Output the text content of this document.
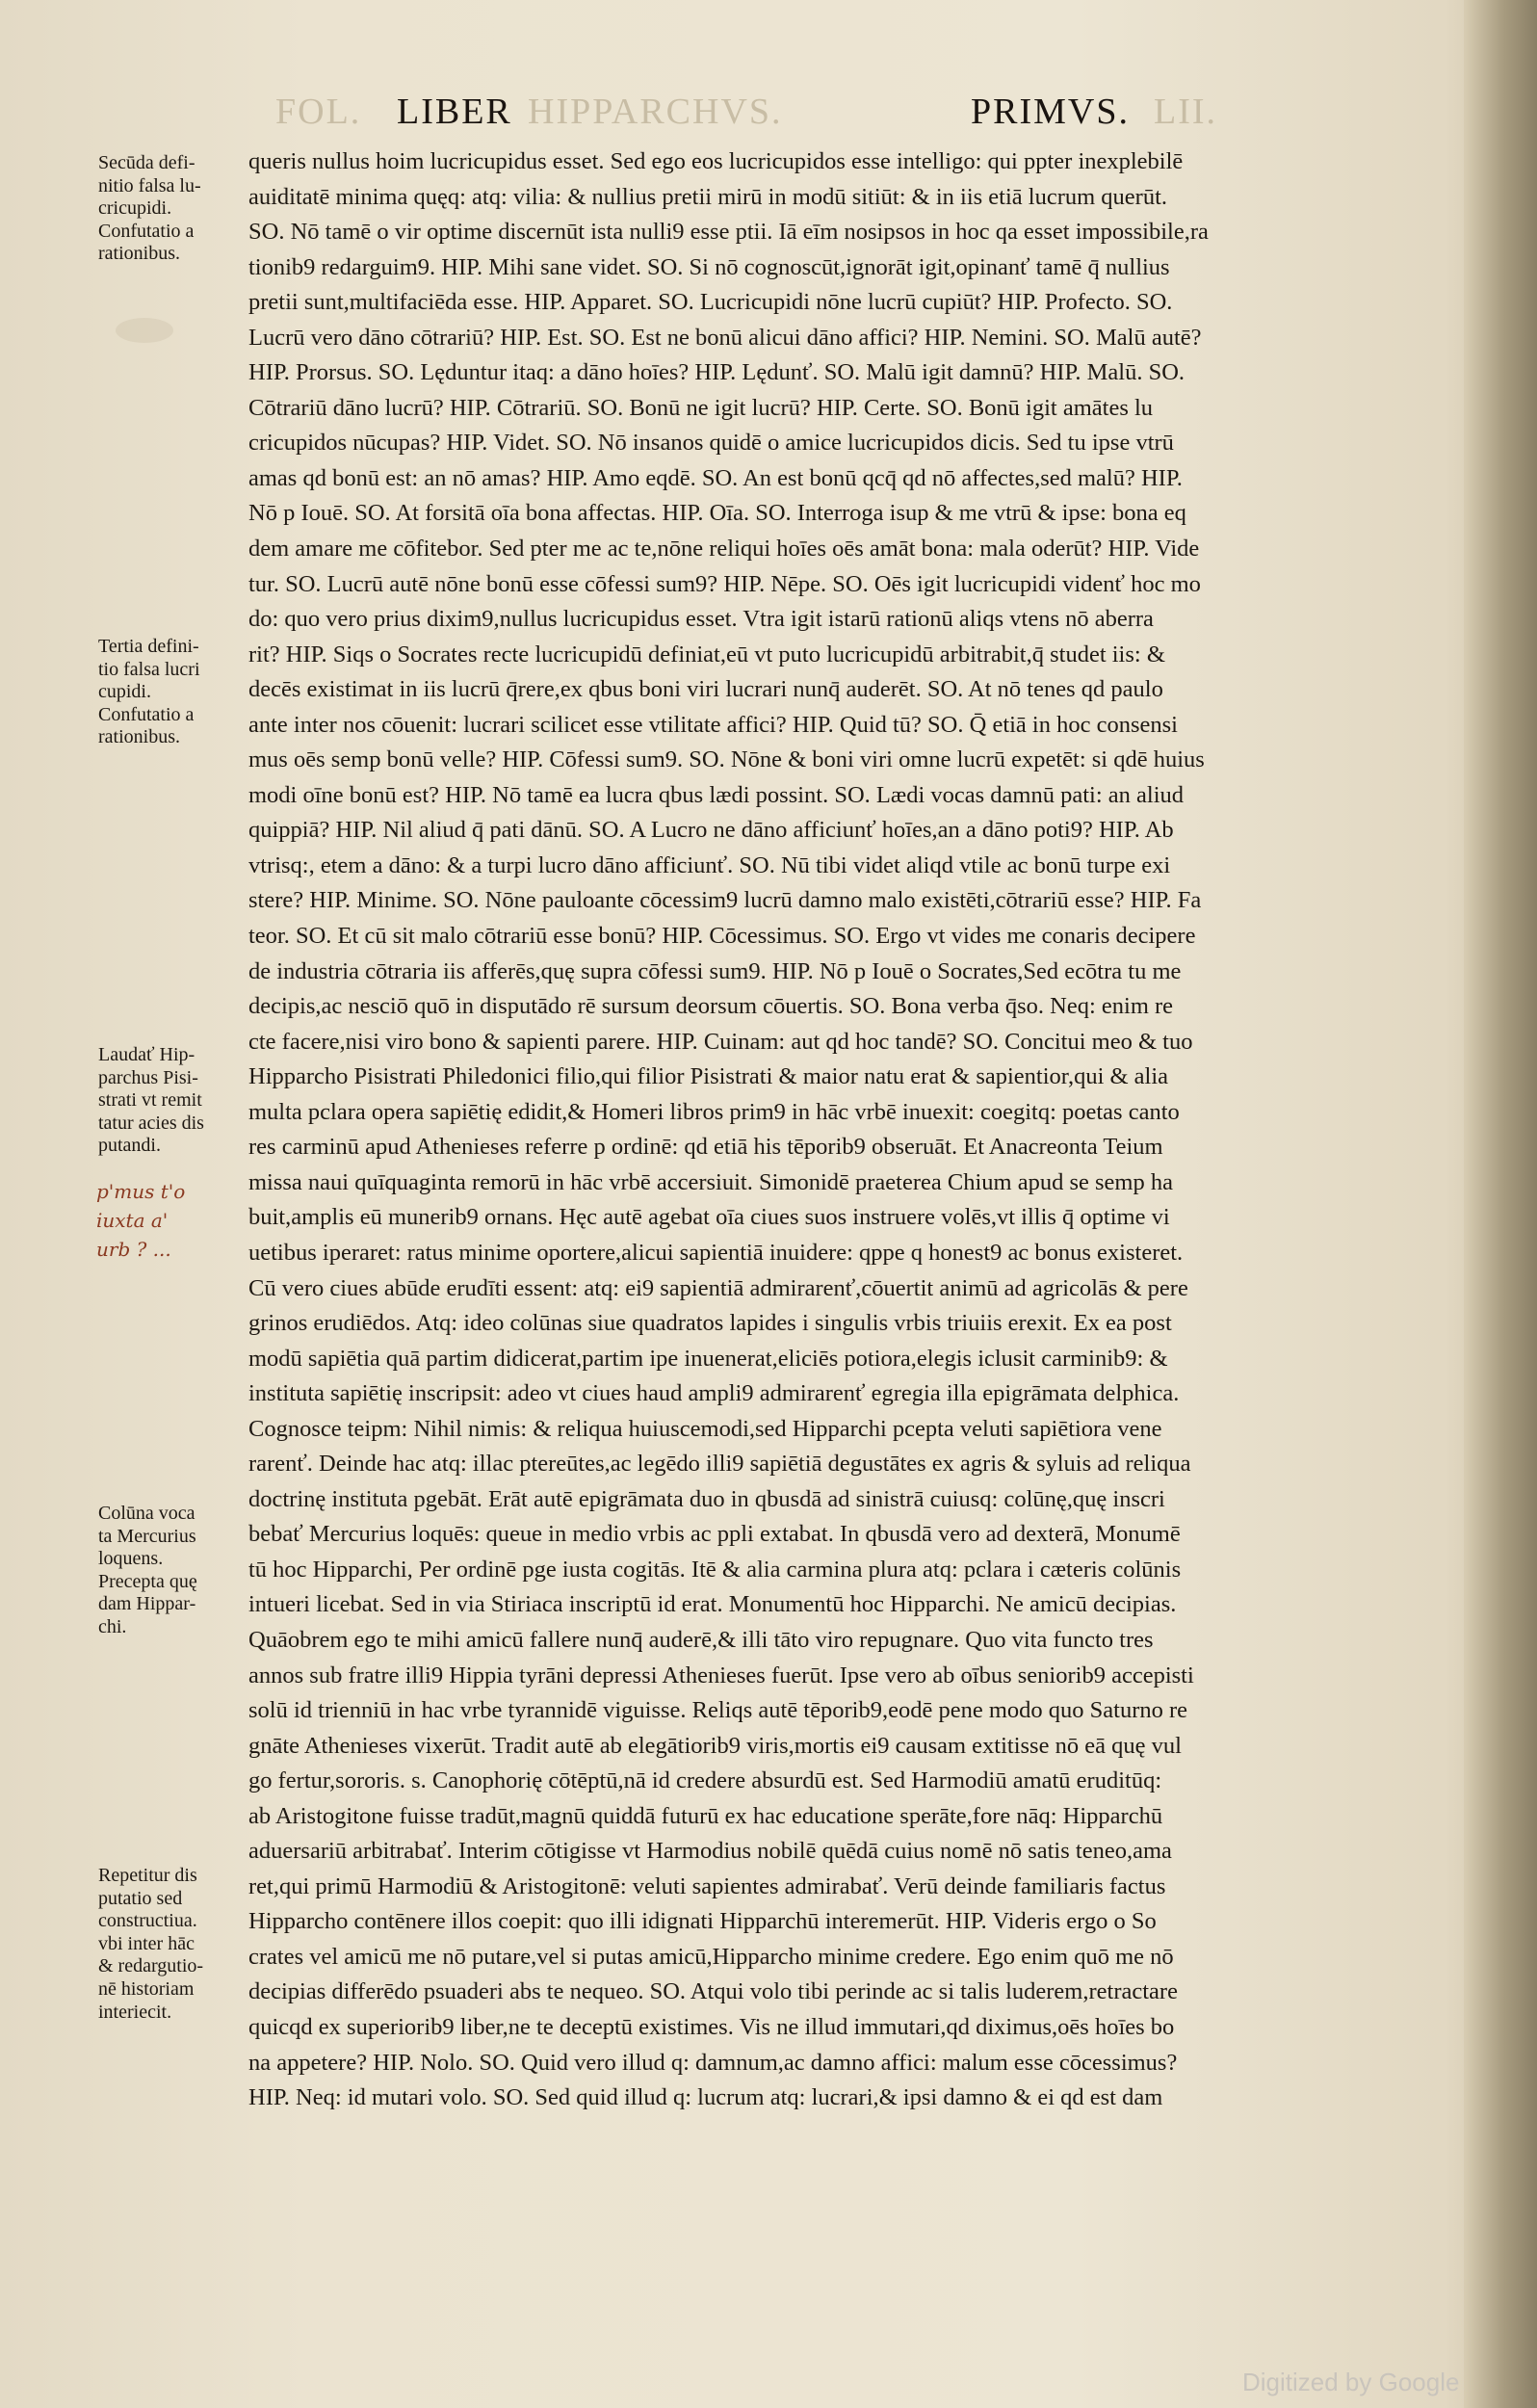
FOL. LIBER HIPPARCHVS.	PRIMVS. LII.
queris nullus hoim lucricupidus esset. Sed ego eos lucricupidos esse intelligo: qui ppter inexplebilē
auiditatē minima quęq: atq: vilia: & nullius pretii mirū in modū sitiūt: & in iis etiā lucrum querūt.
SO. Nō tamē o vir optime discernūt ista nulli9 esse ptii. Iā eīm nosipsos in hoc qa esset impossibile,ra
tionib9 redarguim9. HIP. Mihi sane videt. SO. Si nō cognoscūt,ignorāt igit,opinanť tamē q̄ nullius
pretii sunt,multifaciēda esse. HIP. Apparet. SO. Lucricupidi nōne lucrū cupiūt? HIP. Profecto. SO.
Lucrū vero dāno cōtrariū? HIP. Est. SO. Est ne bonū alicui dāno affici? HIP. Nemini. SO. Malū autē?
HIP. Prorsus. SO. Lęduntur itaq: a dāno hoīes? HIP. Lędunť. SO. Malū igit damnū? HIP. Malū. SO.
Cōtrariū dāno lucrū? HIP. Cōtrariū. SO. Bonū ne igit lucrū? HIP. Certe. SO. Bonū igit amātes lu
cricupidos nūcupas? HIP. Videt. SO. Nō insanos quidē o amice lucricupidos dicis. Sed tu ipse vtrū
amas qd bonū est: an nō amas? HIP. Amo eqdē. SO. An est bonū qcq̄ qd nō affectes,sed malū? HIP.
Nō p Iouē. SO. At forsitā oīa bona affectas. HIP. Oīa. SO. Interroga isup & me vtrū & ipse: bona eq
dem amare me cōfitebor. Sed pter me ac te,nōne reliqui hoīes oēs amāt bona: mala oderūt? HIP. Vide
tur. SO. Lucrū autē nōne bonū esse cōfessi sum9? HIP. Nēpe. SO. Oēs igit lucricupidi videnť hoc mo
do: quo vero prius dixim9,nullus lucricupidus esset. Vtra igit istarū rationū aliqs vtens nō aberra
rit? HIP. Siqs o Socrates recte lucricupidū definiat,eū vt puto lucricupidū arbitrabit,q̄ studet iis: &
decēs existimat in iis lucrū q̄rere,ex qbus boni viri lucrari nunq̄ auderēt. SO. At nō tenes qd paulo
ante inter nos cōuenit: lucrari scilicet esse vtilitate affici? HIP. Quid tū? SO. Q̄ etiā in hoc consensi
mus oēs semp bonū velle? HIP. Cōfessi sum9. SO. Nōne & boni viri omne lucrū expetēt: si qdē huius
modi oīne bonū est? HIP. Nō tamē ea lucra qbus lædi possint. SO. Lædi vocas damnū pati: an aliud
quippiā? HIP. Nil aliud q̄ pati dānū. SO. A Lucro ne dāno afficiunť hoīes,an a dāno poti9? HIP. Ab
vtrisq:, etem a dāno: & a turpi lucro dāno afficiunť. SO. Nū tibi videt aliqd vtile ac bonū turpe exi
stere? HIP. Minime. SO. Nōne pauloante cōcessim9 lucrū damno malo existēti,cōtrariū esse? HIP. Fa
teor. SO. Et cū sit malo cōtrariū esse bonū? HIP. Cōcessimus. SO. Ergo vt vides me conaris decipere
de industria cōtraria iis afferēs,quę supra cōfessi sum9. HIP. Nō p Iouē o Socrates,Sed ecōtra tu me
decipis,ac nesciō quō in disputādo rē sursum deorsum cōuertis. SO. Bona verba q̄so. Neq: enim re
cte facere,nisi viro bono & sapienti parere. HIP. Cuinam: aut qd hoc tandē? SO. Concitui meo & tuo
Hipparcho Pisistrati Philedonici filio,qui filior Pisistrati & maior natu erat & sapientior,qui & alia
multa pclara opera sapiētię edidit,& Homeri libros prim9 in hāc vrbē inuexit: coegitq: poetas canto
res carminū apud Athenieses referre p ordinē: qd etiā his tēporib9 obseruāt. Et Anacreonta Teium
missa naui quīquaginta remorū in hāc vrbē accersiuit. Simonidē praeterea Chium apud se semp ha
buit,amplis eū munerib9 ornans. Hęc autē agebat oīa ciues suos instruere volēs,vt illis q̄ optime vi
uetibus iperaret: ratus minime oportere,alicui sapientiā inuidere: qppe q honest9 ac bonus existeret.
Cū vero ciues abūde erudīti essent: atq: ei9 sapientiā admirarenť,cōuertit animū ad agricolās & pere
grinos erudiēdos. Atq: ideo colūnas siue quadratos lapides i singulis vrbis triuiis erexit. Ex ea post
modū sapiētia quā partim didicerat,partim ipe inuenerat,eliciēs potiora,elegis iclusit carminib9: &
instituta sapiētię inscripsit: adeo vt ciues haud ampli9 admirarenť egregia illa epigrāmata delphica.
Cognosce teipm: Nihil nimis: & reliqua huiuscemodi,sed Hipparchi pcepta veluti sapiētiora vene
rarenť. Deinde hac atq: illac ptereūtes,ac legēdo illi9 sapiētiā degustātes ex agris & syluis ad reliqua
doctrinę instituta pgebāt. Erāt autē epigrāmata duo in qbusdā ad sinistrā cuiusq: colūnę,quę inscri
bebať Mercurius loquēs: queue in medio vrbis ac ppli extabat. In qbusdā vero ad dexterā, Monumē
tū hoc Hipparchi, Per ordinē pge iusta cogitās. Itē & alia carmina plura atq: pclara i cæteris colūnis
intueri licebat. Sed in via Stiriaca inscriptū id erat. Monumentū hoc Hipparchi. Ne amicū decipias.
Quāobrem ego te mihi amicū fallere nunq̄ auderē,& illi tāto viro repugnare. Quo vita functo tres
annos sub fratre illi9 Hippia tyrāni depressi Athenieses fuerūt. Ipse vero ab oībus seniorib9 accepisti
solū id trienniū in hac vrbe tyrannidē viguisse. Reliqs autē tēporib9,eodē pene modo quo Saturno re
gnāte Athenieses vixerūt. Tradit autē ab elegātiorib9 viris,mortis ei9 causam extitisse nō eā quę vul
go fertur,sororis. s. Canophorię cōtēptū,nā id credere absurdū est. Sed Harmodiū amatū eruditūq:
ab Aristogitone fuisse tradūt,magnū quiddā futurū ex hac educatione sperāte,fore nāq: Hipparchū
aduersariū arbitrabať. Interim cōtigisse vt Harmodius nobilē quēdā cuius nomē nō satis teneo,ama
ret,qui primū Harmodiū & Aristogitonē: veluti sapientes admirabať. Verū deinde familiaris factus
Hipparcho contēnere illos coepit: quo illi idignati Hipparchū interemerūt. HIP. Videris ergo o So
crates vel amicū me nō putare,vel si putas amicū,Hipparcho minime credere. Ego enim quō me nō
decipias differēdo psuaderi abs te nequeo. SO. Atqui volo tibi perinde ac si talis luderem,retractare
quicqd ex superiorib9 liber,ne te deceptū existimes. Vis ne illud immutari,qd diximus,oēs hoīes bo
na appetere? HIP. Nolo. SO. Quid vero illud q: damnum,ac damno affici: malum esse cōcessimus?
HIP. Neq: id mutari volo. SO. Sed quid illud q: lucrum atq: lucrari,& ipsi damno & ei qd est dam
Secūda defi-
nitio falsa lu-
cricupidi.
Confutatio a
rationibus.
Tertia defini-
tio falsa lucri
cupidi.
Confutatio a
rationibus.
Laudať Hip-
parchus Pisi-
strati vt remit
tatur acies dis
putandi.
p'mus t'o
iuxta a'
urb ? ...
Colūna voca
ta Mercurius
loquens.
Precepta quę
dam Hippar-
chi.
Repetitur dis
putatio sed
constructiua.
vbi inter hāc
& redargutio-
nē historiam
interiecit.
Digitized by Google
